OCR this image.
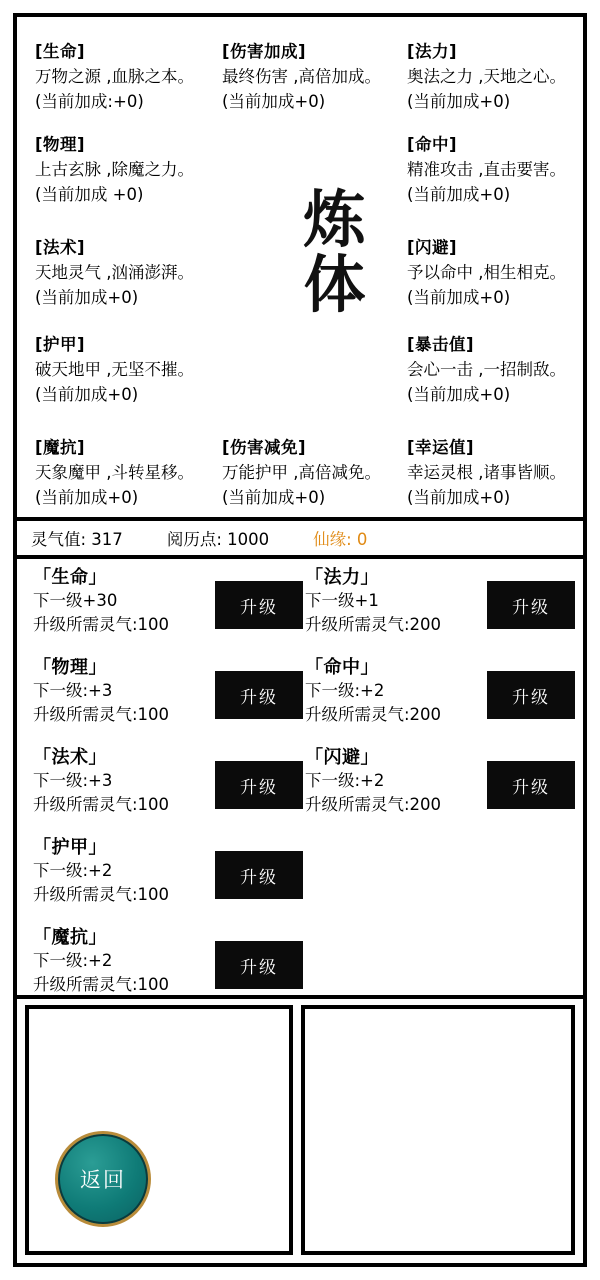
炼体
[生命]
万物之源 ,血脉之本。
(当前加成:+0)
[伤害加成]
最终伤害 ,高倍加成。
(当前加成+0)
[法力]
奥法之力 ,天地之心。
(当前加成+0)
[物理]
上古玄脉 ,除魔之力。
(当前加成 +0)
[命中]
精准攻击 ,直击要害。
(当前加成+0)
[法术]
天地灵气 ,汹涌澎湃。
(当前加成+0)
[闪避]
予以命中 ,相生相克。
(当前加成+0)
[护甲]
破天地甲 ,无坚不摧。
(当前加成+0)
[暴击值]
会心一击 ,一招制敌。
(当前加成+0)
[魔抗]
天象魔甲 ,斗转星移。
(当前加成+0)
[伤害减免]
万能护甲 ,高倍减免。
(当前加成+0)
[幸运值]
幸运灵根 ,诸事皆顺。
(当前加成+0)
灵气值: 317	阅历点: 1000	仙缘: 0
「生命」
下一级+30
升级所需灵气:100
升级
「法力」
下一级+1
升级所需灵气:200
升级
「物理」
下一级:+3
升级所需灵气:100
升级
「命中」
下一级:+2
升级所需灵气:200
升级
「法术」
下一级:+3
升级所需灵气:100
升级
「闪避」
下一级:+2
升级所需灵气:200
升级
「护甲」
下一级:+2
升级所需灵气:100
升级
「魔抗」
下一级:+2
升级所需灵气:100
升级
返回
